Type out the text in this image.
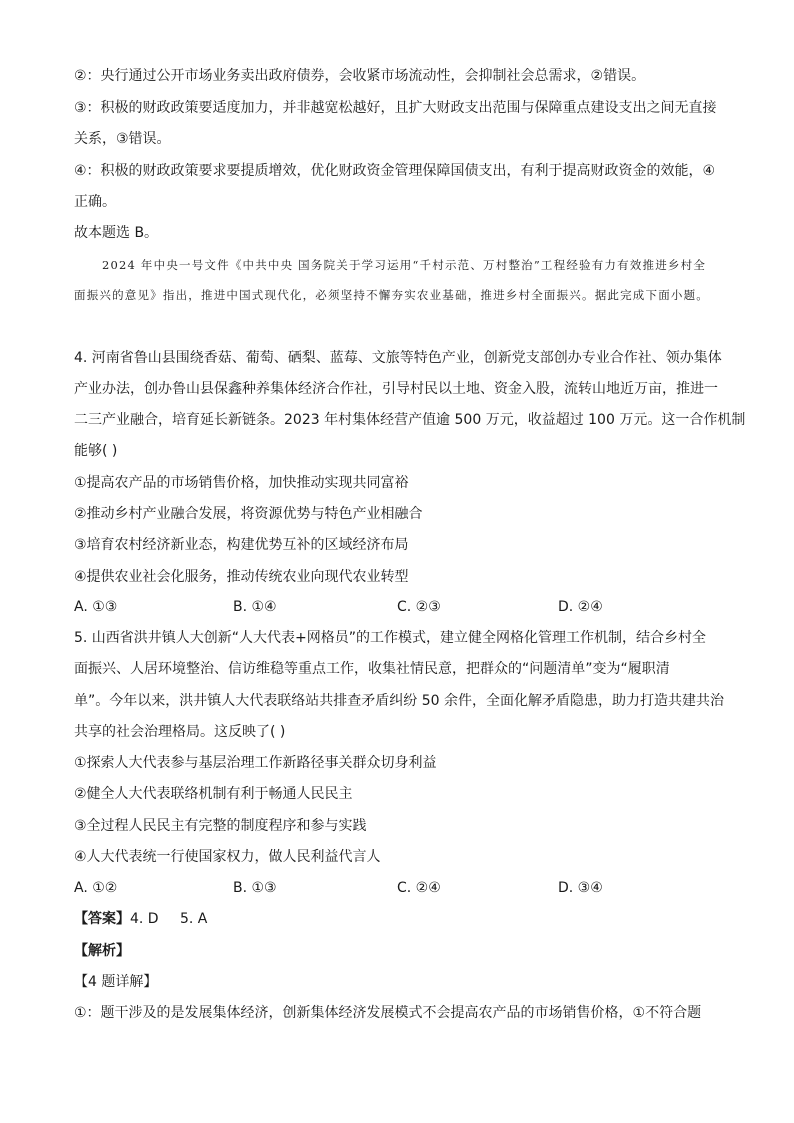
②：央行通过公开市场业务卖出政府债券，会收紧市场流动性，会抑制社会总需求，②错误。
③：积极的财政政策要适度加力，并非越宽松越好，且扩大财政支出范围与保障重点建设支出之间无直接
关系，③错误。
④：积极的财政政策要求要提质增效，优化财政资金管理保障国债支出，有利于提高财政资金的效能，④
正确。
故本题选 B。
2024 年中央一号文件《中共中央 国务院关于学习运用“千村示范、万村整治”工程经验有力有效推进乡村全面振兴的意见》指出，推进中国式现代化，必须坚持不懈夯实农业基础，推进乡村全面振兴。据此完成下面小题。
4. 河南省鲁山县围绕香菇、葡萄、硒梨、蓝莓、文旅等特色产业，创新党支部创办专业合作社、领办集体
产业办法，创办鲁山县保鑫种养集体经济合作社，引导村民以土地、资金入股，流转山地近万亩，推进一
二三产业融合，培育延长新链条。2023 年村集体经营产值逾 500 万元，收益超过 100 万元。这一合作机制
能够( )
①提高农产品的市场销售价格，加快推动实现共同富裕
②推动乡村产业融合发展，将资源优势与特色产业相融合
③培育农村经济新业态，构建优势互补的区域经济布局
④提供农业社会化服务，推动传统农业向现代农业转型
A. ①③	B. ①④	C. ②③	D. ②④
5. 山西省洪井镇人大创新“人大代表+网格员”的工作模式，建立健全网格化管理工作机制，结合乡村全
面振兴、人居环境整治、信访维稳等重点工作，收集社情民意，把群众的“问题清单”变为“履职清
单”。今年以来，洪井镇人大代表联络站共排查矛盾纠纷 50 余件，全面化解矛盾隐患，助力打造共建共治
共享的社会治理格局。这反映了( )
①探索人大代表参与基层治理工作新路径事关群众切身利益
②健全人大代表联络机制有利于畅通人民民主
③全过程人民民主有完整的制度程序和参与实践
④人大代表统一行使国家权力，做人民利益代言人
A. ①②	B. ①③	C. ②④	D. ③④
【答案】 4. D 5. A
【解析】
【4 题详解】
①：题干涉及的是发展集体经济，创新集体经济发展模式不会提高农产品的市场销售价格，①不符合题
